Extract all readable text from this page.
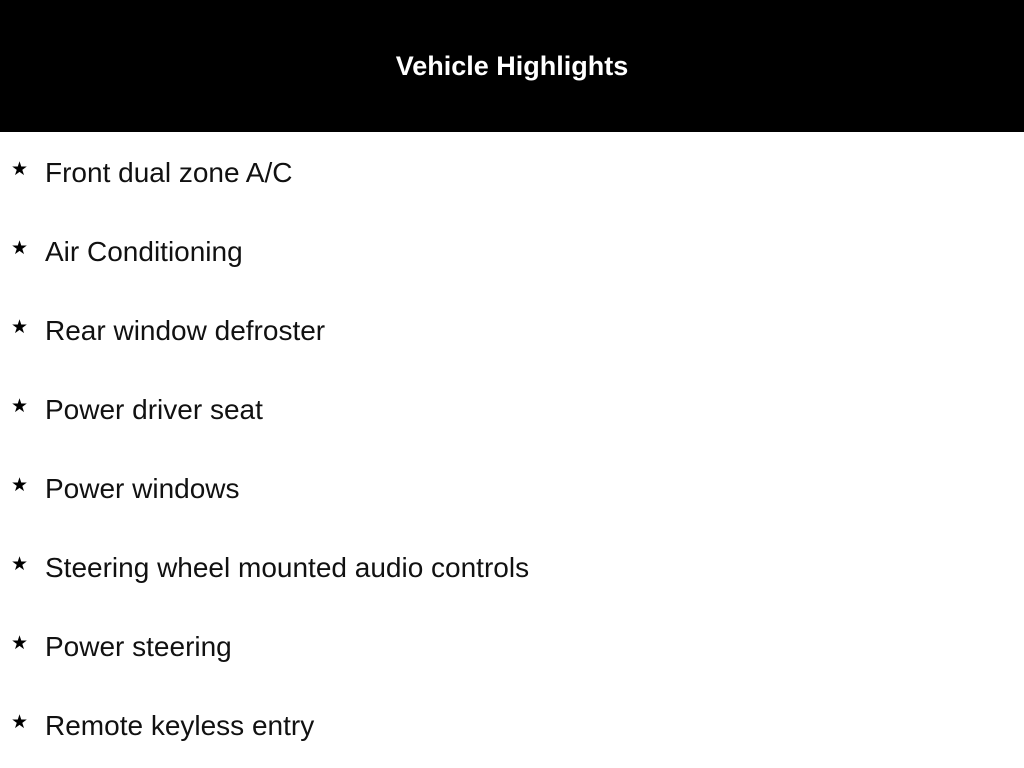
Vehicle Highlights
★ Front dual zone A/C
★ Air Conditioning
★ Rear window defroster
★ Power driver seat
★ Power windows
★ Steering wheel mounted audio controls
★ Power steering
★ Remote keyless entry
